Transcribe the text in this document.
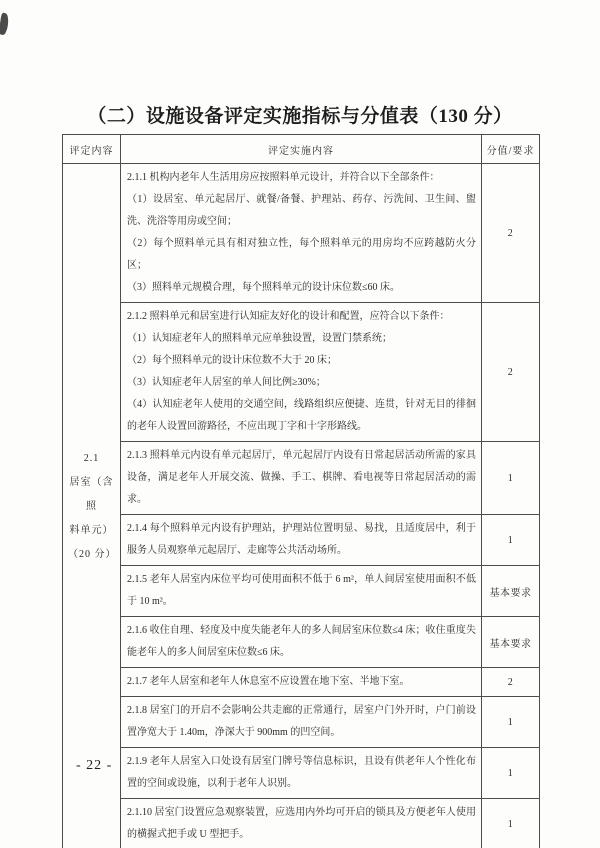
（二）设施设备评定实施指标与分值表（130 分）
评定内容	评定实施内容	分值/要求

2.1
居室（含照
料单元）
（20 分）

2.1.1 机构内老年人生活用房应按照料单元设计，并符合以下全部条件：

（1）设居室、单元起居厅、就餐/备餐、护理站、药存、污洗间、卫生间、盥洗、洗浴等用房或空间；

（2）每个照料单元具有相对独立性，每个照料单元的用房均不应跨越防火分区；

（3）照料单元规模合理，每个照料单元的设计床位数≤60 床。

	2

	2.1.2 照料单元和居室进行认知症友好化的设计和配置，应符合以下条件：

（1）认知症老年人的照料单元应单独设置，设置门禁系统；

（2）每个照料单元的设计床位数不大于 20 床；

（3）认知症老年人居室的单人间比例≥30%；

（4）认知症老年人使用的交通空间，线路组织应便捷、连贯，针对无目的徘徊的老年人设置回游路径，不应出现丁字和十字形路线。	2

	2.1.3 照料单元内设有单元起居厅，单元起居厅内设有日常起居活动所需的家具设备，满足老年人开展交流、做操、手工、棋牌、看电视等日常起居活动的需求。	1

	2.1.4 每个照料单元内设有护理站，护理站位置明显、易找，且适度居中，利于服务人员观察单元起居厅、走廊等公共活动场所。	1

	2.1.5 老年人居室内床位平均可使用面积不低于 6 m²，单人间居室使用面积不低于 10 m²。	基本要求

	2.1.6 收住自理、轻度及中度失能老年人的多人间居室床位数≤4 床；收住重度失能老年人的多人间居室床位数≤6 床。	基本要求

	2.1.7 老年人居室和老年人休息室不应设置在地下室、半地下室。	2

	2.1.8 居室门的开启不会影响公共走廊的正常通行，居室户门外开时，户门前设置净宽大于 1.40m，净深大于 900mm 的凹空间。	1

	2.1.9 老年人居室入口处设有居室门牌号等信息标识，且设有供老年人个性化布置的空间或设施，以利于老年人识别。	1

	2.1.10 居室门设置应急观察装置，应选用内外均可开启的锁具及方便老年人使用的横握式把手或 U 型把手。	1
- 22 -
